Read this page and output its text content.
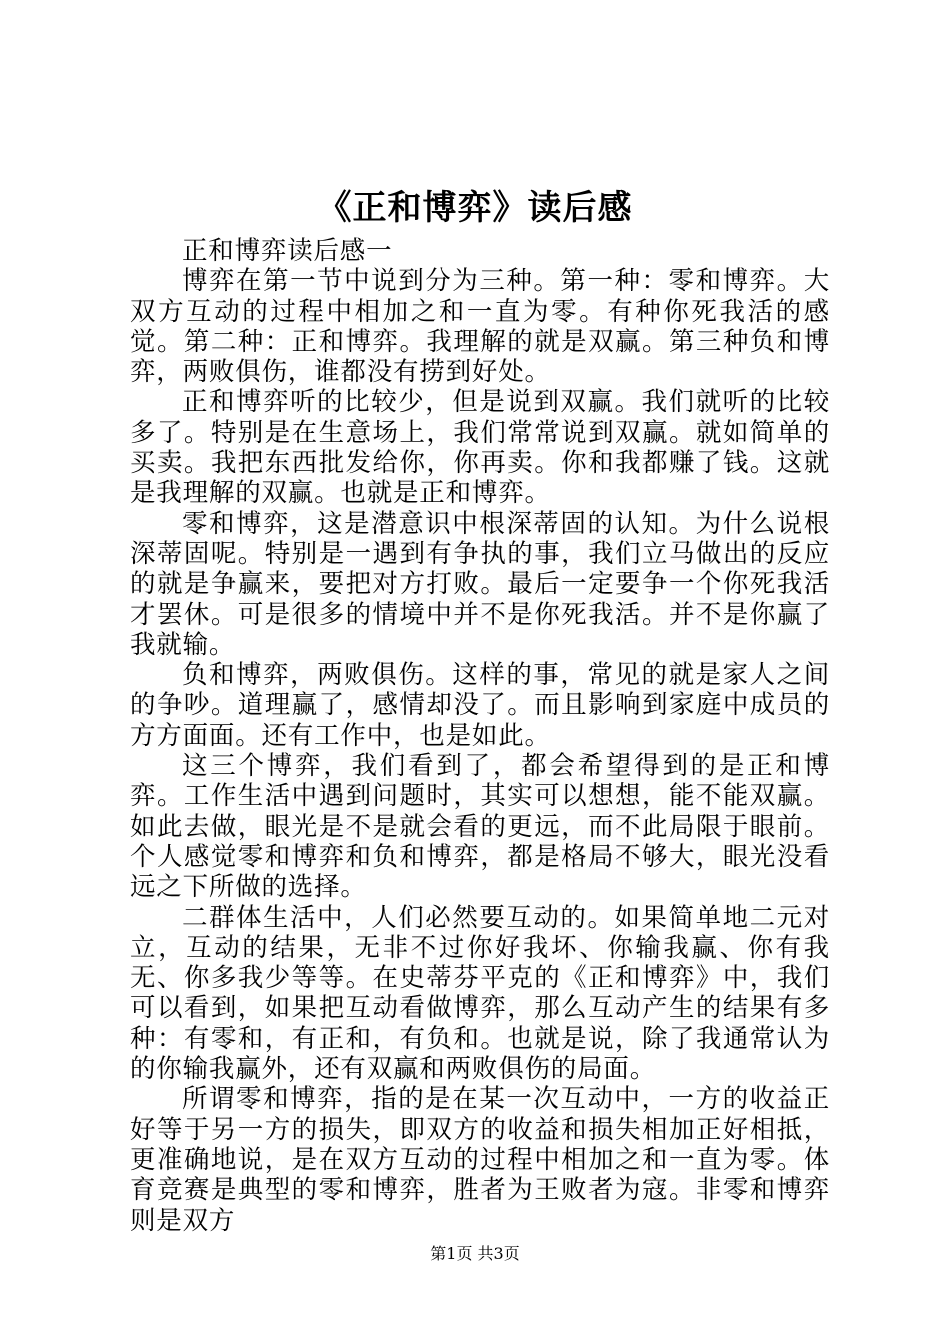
《正和博弈》读后感

正和博弈读后感一

博弈在第一节中说到分为三种。第一种：零和博弈。大双方互动的过程中相加之和一直为零。有种你死我活的感觉。第二种：正和博弈。我理解的就是双赢。第三种负和博弈，两败俱伤，谁都没有捞到好处。

正和博弈听的比较少，但是说到双赢。我们就听的比较多了。特别是在生意场上，我们常常说到双赢。就如简单的买卖。我把东西批发给你，你再卖。你和我都赚了钱。这就是我理解的双赢。也就是正和博弈。

零和博弈，这是潜意识中根深蒂固的认知。为什么说根深蒂固呢。特别是一遇到有争执的事，我们立马做出的反应的就是争赢来，要把对方打败。最后一定要争一个你死我活才罢休。可是很多的情境中并不是你死我活。并不是你赢了我就输。

负和博弈，两败俱伤。这样的事，常见的就是家人之间的争吵。道理赢了，感情却没了。而且影响到家庭中成员的方方面面。还有工作中，也是如此。

这三个博弈，我们看到了，都会希望得到的是正和博弈。工作生活中遇到问题时，其实可以想想，能不能双赢。如此去做，眼光是不是就会看的更远，而不此局限于眼前。个人感觉零和博弈和负和博弈，都是格局不够大，眼光没看远之下所做的选择。

二群体生活中，人们必然要互动的。如果简单地二元对立，互动的结果，无非不过你好我坏、你输我赢、你有我无、你多我少等等。在史蒂芬平克的《正和博弈》中，我们可以看到，如果把互动看做博弈，那么互动产生的结果有多种：有零和，有正和，有负和。也就是说，除了我通常认为的你输我赢外，还有双赢和两败俱伤的局面。

所谓零和博弈，指的是在某一次互动中，一方的收益正好等于另一方的损失，即双方的收益和损失相加正好相抵，更准确地说，是在双方互动的过程中相加之和一直为零。体育竞赛是典型的零和博弈，胜者为王败者为寇。非零和博弈则是双方

第1页 共3页
